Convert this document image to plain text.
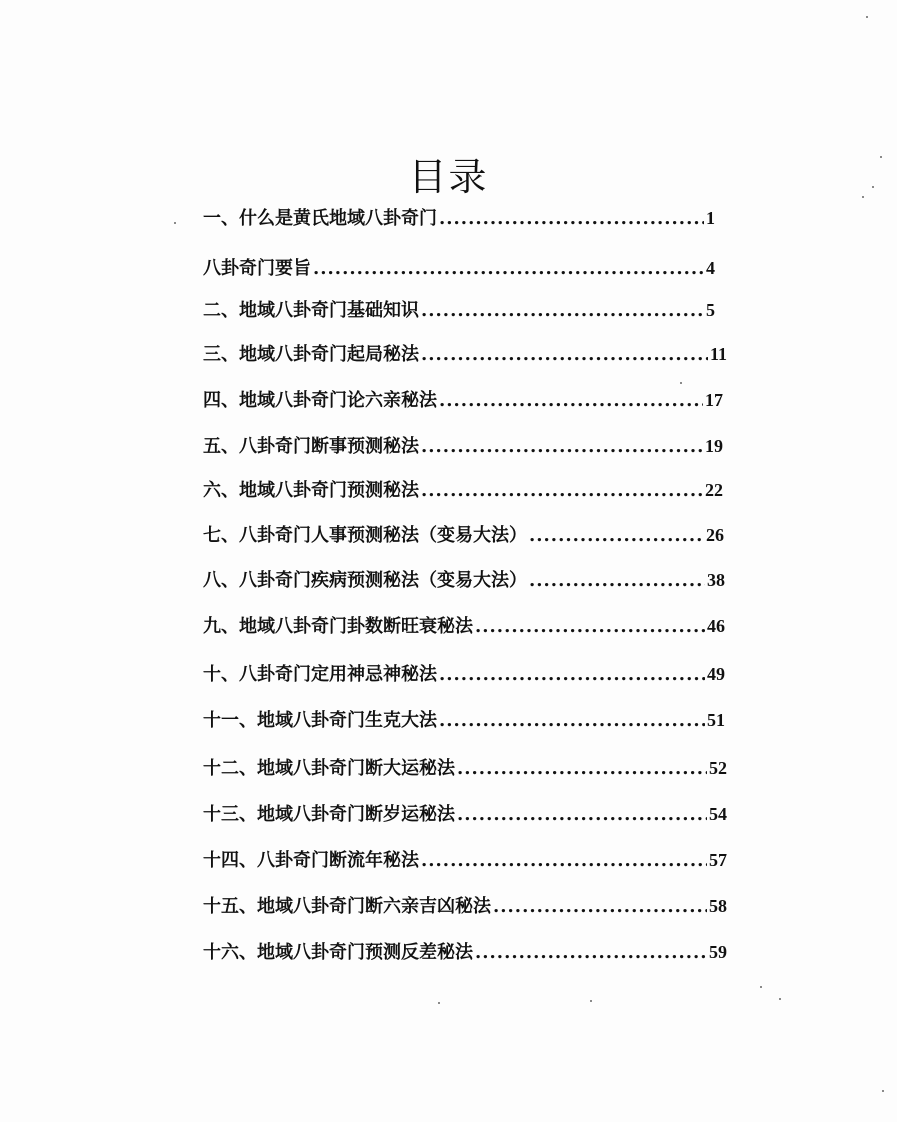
目录
一、什么是黄氏地域八卦奇门 .....	1
八卦奇门要旨 .....	4
二、地域八卦奇门基础知识 .....	5
三、地域八卦奇门起局秘法 .....	11
四、地域八卦奇门论六亲秘法 .....	17
五、八卦奇门断事预测秘法 .....	19
六、地域八卦奇门预测秘法 .....	22
七、八卦奇门人事预测秘法（变易大法） .....	26
八、八卦奇门疾病预测秘法（变易大法） .....	38
九、地域八卦奇门卦数断旺衰秘法 .....	46
十、八卦奇门定用神忌神秘法 .....	49
十一、地域八卦奇门生克大法 .....	51
十二、地域八卦奇门断大运秘法 .....	52
十三、地域八卦奇门断岁运秘法 .....	54
十四、八卦奇门断流年秘法 .....	57
十五、地域八卦奇门断六亲吉凶秘法 .....	58
十六、地域八卦奇门预测反差秘法 .....	59
